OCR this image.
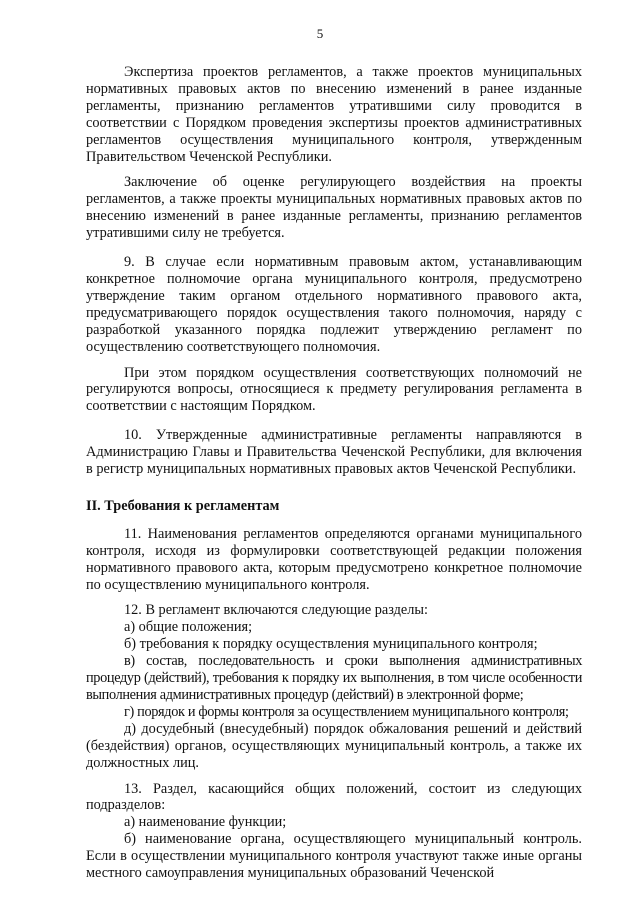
5

Экспертиза проектов регламентов, а также проектов муниципальных нормативных правовых актов по внесению изменений в ранее изданные регламенты, признанию регламентов утратившими силу проводится в соответствии с Порядком проведения экспертизы проектов административных регламентов осуществления муниципального контроля, утвержденным Правительством Чеченской Республики.

Заключение об оценке регулирующего воздействия на проекты регламентов, а также проекты муниципальных нормативных правовых актов по внесению изменений в ранее изданные регламенты, признанию регламентов утратившими силу не требуется.

9. В случае если нормативным правовым актом, устанавливающим конкретное полномочие органа муниципального контроля, предусмотрено утверждение таким органом отдельного нормативного правового акта, предусматривающего порядок осуществления такого полномочия, наряду с разработкой указанного порядка подлежит утверждению регламент по осуществлению соответствующего полномочия.

При этом порядком осуществления соответствующих полномочий не регулируются вопросы, относящиеся к предмету регулирования регламента в соответствии с настоящим Порядком.

10. Утвержденные административные регламенты направляются в Администрацию Главы и Правительства Чеченской Республики, для включения в регистр муниципальных нормативных правовых актов Чеченской Республики.

II. Требования к регламентам

11. Наименования регламентов определяются органами муниципального контроля, исходя из формулировки соответствующей редакции положения нормативного правового акта, которым предусмотрено конкретное полномочие по осуществлению муниципального контроля.

12. В регламент включаются следующие разделы:

а) общие положения;

б) требования к порядку осуществления муниципального контроля;

в) состав, последовательность и сроки выполнения административных процедур (действий), требования к порядку их выполнения, в том числе особенности выполнения административных процедур (действий) в электронной форме;

г) порядок и формы контроля за осуществлением муниципального контроля;

д) досудебный (внесудебный) порядок обжалования решений и действий (бездействия) органов, осуществляющих муниципальный контроль, а также их должностных лиц.

13. Раздел, касающийся общих положений, состоит из следующих подразделов:

а) наименование функции;

б) наименование органа, осуществляющего муниципальный контроль. Если в осуществлении муниципального контроля участвуют также иные органы местного самоуправления муниципальных образований Чеченской
